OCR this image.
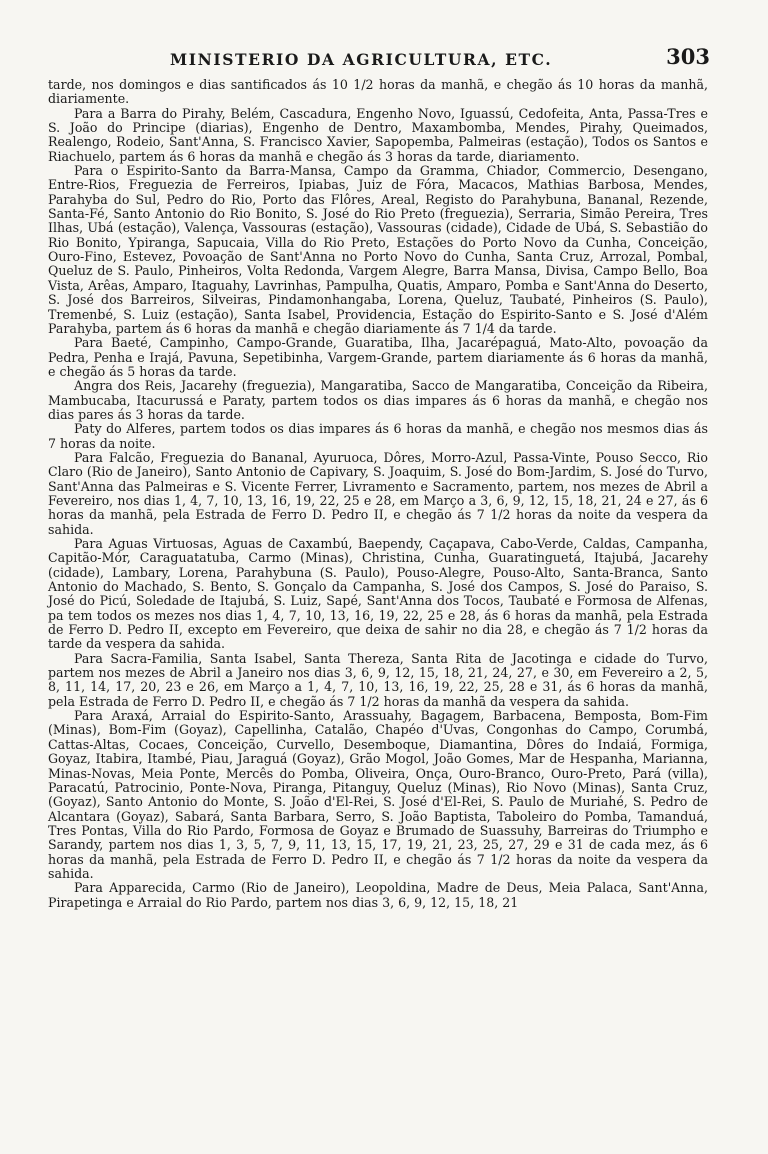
MINISTERIO DA AGRICULTURA, ETC.	303

tarde, nos domingos e dias santificados ás 10 1/2 horas da manhã, e chegão ás 10 horas da manhã, diariamente.

Para a Barra do Pirahy, Belém, Cascadura, Engenho Novo, Iguassú, Cedofeita, Anta, Passa-Tres e S. João do Principe (diarias), Engenho de Dentro, Maxambomba, Mendes, Pirahy, Queimados, Realengo, Rodeio, Sant'Anna, S. Francisco Xavier, Sapopemba, Palmeiras (estação), Todos os Santos e Riachuelo, partem ás 6 horas da manhã e chegão ás 3 horas da tarde, diariamento.

Para o Espirito-Santo da Barra-Mansa, Campo da Gramma, Chiador, Commercio, Desengano, Entre-Rios, Freguezia de Ferreiros, Ipiabas, Juiz de Fóra, Macacos, Mathias Barbosa, Mendes, Parahyba do Sul, Pedro do Rio, Porto das Flôres, Areal, Registo do Parahybuna, Bananal, Rezende, Santa-Fé, Santo Antonio do Rio Bonito, S. José do Rio Preto (freguezia), Serraria, Simão Pereira, Tres Ilhas, Ubá (estação), Valença, Vassouras (estação), Vassouras (cidade), Cidade de Ubá, S. Sebastião do Rio Bonito, Ypiranga, Sapucaia, Villa do Rio Preto, Estações do Porto Novo da Cunha, Conceição, Ouro-Fino, Estevez, Povoação de Sant'Anna no Porto Novo do Cunha, Santa Cruz, Arrozal, Pombal, Queluz de S. Paulo, Pinheiros, Volta Redonda, Vargem Alegre, Barra Mansa, Divisa, Campo Bello, Boa Vista, Arêas, Amparo, Itaguahy, Lavrinhas, Pampulha, Quatis, Amparo, Pomba e Sant'Anna do Deserto, S. José dos Barreiros, Silveiras, Pindamonhangaba, Lorena, Queluz, Taubaté, Pinheiros (S. Paulo), Tremenbé, S. Luiz (estação), Santa Isabel, Providencia, Estação do Espirito-Santo e S. José d'Além Parahyba, partem ás 6 horas da manhã e chegão diariamente ás 7 1/4 da tarde.

Para Baeté, Campinho, Campo-Grande, Guaratiba, Ilha, Jacarépaguá, Mato-Alto, povoação da Pedra, Penha e Irajá, Pavuna, Sepetibinha, Vargem-Grande, partem diariamente ás 6 horas da manhã, e chegão ás 5 horas da tarde.

Angra dos Reis, Jacarehy (freguezia), Mangaratiba, Sacco de Mangaratiba, Conceição da Ribeira, Mambucaba, Itacurussá e Paraty, partem todos os dias impares ás 6 horas da manhã, e chegão nos dias pares ás 3 horas da tarde.

Paty do Alferes, partem todos os dias impares ás 6 horas da manhã, e chegão nos mesmos dias ás 7 horas da noite.

Para Falcão, Freguezia do Bananal, Ayuruoca, Dôres, Morro-Azul, Passa-Vinte, Pouso Secco, Rio Claro (Rio de Janeiro), Santo Antonio de Capivary, S. Joaquim, S. José do Bom-Jardim, S. José do Turvo, Sant'Anna das Palmeiras e S. Vicente Ferrer, Livramento e Sacramento, partem, nos mezes de Abril a Fevereiro, nos dias 1, 4, 7, 10, 13, 16, 19, 22, 25 e 28, em Março a 3, 6, 9, 12, 15, 18, 21, 24 e 27, ás 6 horas da manhã, pela Estrada de Ferro D. Pedro II, e chegão ás 7 1/2 horas da noite da vespera da sahida.

Para Aguas Virtuosas, Aguas de Caxambú, Baependy, Caçapava, Cabo-Verde, Caldas, Campanha, Capitão-Mór, Caraguatatuba, Carmo (Minas), Christina, Cunha, Guaratinguetá, Itajubá, Jacarehy (cidade), Lambary, Lorena, Parahybuna (S. Paulo), Pouso-Alegre, Pouso-Alto, Santa-Branca, Santo Antonio do Machado, S. Bento, S. Gonçalo da Campanha, S. José dos Campos, S. José do Paraiso, S. José do Picú, Soledade de Itajubá, S. Luiz, Sapé, Sant'Anna dos Tocos, Taubaté e Formosa de Alfenas, pa tem todos os mezes nos dias 1, 4, 7, 10, 13, 16, 19, 22, 25 e 28, ás 6 horas da manhã, pela Estrada de Ferro D. Pedro II, excepto em Fevereiro, que deixa de sahir no dia 28, e chegão ás 7 1/2 horas da tarde da vespera da sahida.

Para Sacra-Familia, Santa Isabel, Santa Thereza, Santa Rita de Jacotinga e cidade do Turvo, partem nos mezes de Abril a Janeiro nos dias 3, 6, 9, 12, 15, 18, 21, 24, 27, e 30, em Fevereiro a 2, 5, 8, 11, 14, 17, 20, 23 e 26, em Março a 1, 4, 7, 10, 13, 16, 19, 22, 25, 28 e 31, ás 6 horas da manhã, pela Estrada de Ferro D. Pedro II, e chegão ás 7 1/2 horas da manhã da vespera da sahida.

Para Araxá, Arraial do Espirito-Santo, Arassuahy, Bagagem, Barbacena, Bemposta, Bom-Fim (Minas), Bom-Fim (Goyaz), Capellinha, Catalão, Chapéo d'Uvas, Congonhas do Campo, Corumbá, Cattas-Altas, Cocaes, Conceição, Curvello, Desemboque, Diamantina, Dôres do Indaiá, Formiga, Goyaz, Itabira, Itambé, Piau, Jaraguá (Goyaz), Grão Mogol, João Gomes, Mar de Hespanha, Marianna, Minas-Novas, Meia Ponte, Mercês do Pomba, Oliveira, Onça, Ouro-Branco, Ouro-Preto, Pará (villa), Paracatú, Patrocinio, Ponte-Nova, Piranga, Pitanguy, Queluz (Minas), Rio Novo (Minas), Santa Cruz, (Goyaz), Santo Antonio do Monte, S. João d'El-Rei, S. José d'El-Rei, S. Paulo de Muriahé, S. Pedro de Alcantara (Goyaz), Sabará, Santa Barbara, Serro, S. João Baptista, Taboleiro do Pomba, Tamanduá, Tres Pontas, Villa do Rio Pardo, Formosa de Goyaz e Brumado de Suassuhy, Barreiras do Triumpho e Sarandy, partem nos dias 1, 3, 5, 7, 9, 11, 13, 15, 17, 19, 21, 23, 25, 27, 29 e 31 de cada mez, ás 6 horas da manhã, pela Estrada de Ferro D. Pedro II, e chegão ás 7 1/2 horas da noite da vespera da sahida.

Para Apparecida, Carmo (Rio de Janeiro), Leopoldina, Madre de Deus, Meia Palaca, Sant'Anna, Pirapetinga e Arraial do Rio Pardo, partem nos dias 3, 6, 9, 12, 15, 18, 21
